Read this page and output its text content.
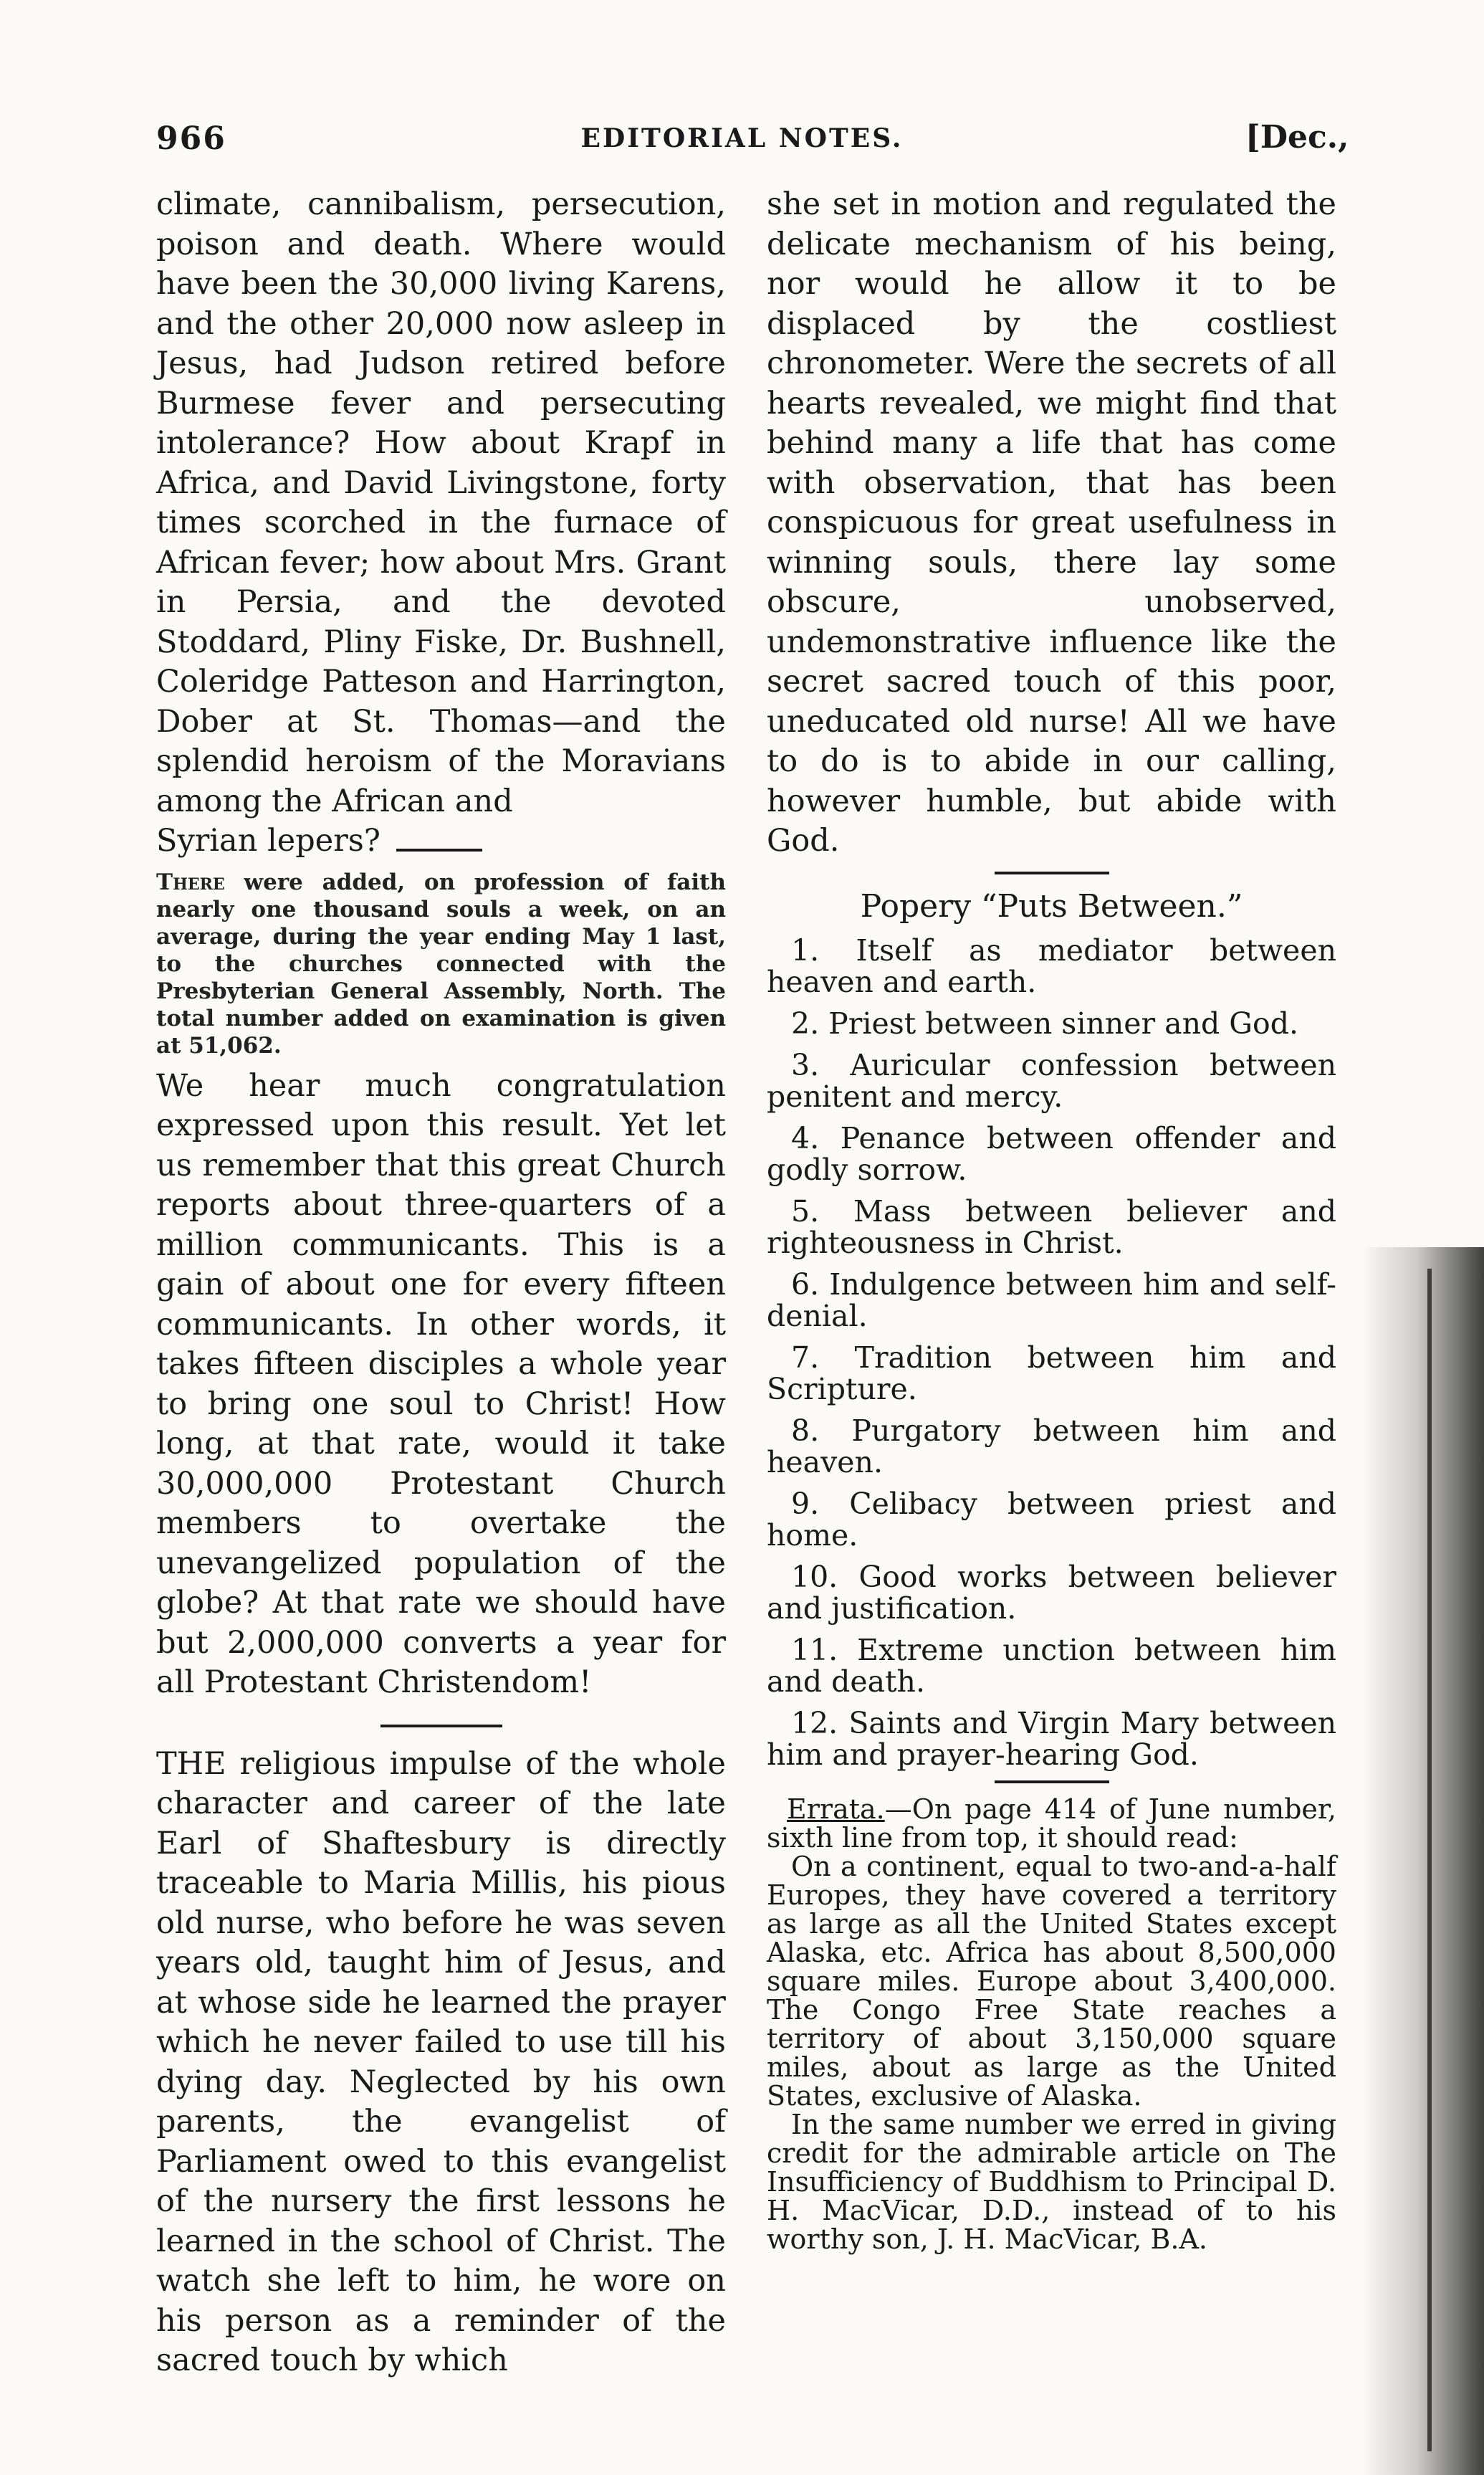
966	EDITORIAL NOTES.	[Dec.,

climate, cannibalism, persecution, poison and death. Where would have been the 30,000 living Karens, and the other 20,000 now asleep in Jesus, had Judson retired before Burmese fever and persecuting intolerance? How about Krapf in Africa, and David Livingstone, forty times scorched in the furnace of African fever; how about Mrs. Grant in Persia, and the devoted Stoddard, Pliny Fiske, Dr. Bushnell, Coleridge Patteson and Harrington, Dober at St. Thomas—and the splendid heroism of the Moravians among the African and

Syrian lepers?

There were added, on profession of faith nearly one thousand souls a week, on an average, during the year ending May 1 last, to the churches connected with the Presbyterian General Assembly, North. The total number added on examination is given at 51,062.

We hear much congratulation expressed upon this result. Yet let us remember that this great Church reports about three-quarters of a million communicants. This is a gain of about one for every fifteen communicants. In other words, it takes fifteen disciples a whole year to bring one soul to Christ! How long, at that rate, would it take 30,000,000 Protestant Church members to overtake the unevangelized population of the globe? At that rate we should have but 2,000,000 converts a year for all Protestant Christendom!

THE religious impulse of the whole character and career of the late Earl of Shaftesbury is directly traceable to Maria Millis, his pious old nurse, who before he was seven years old, taught him of Jesus, and at whose side he learned the prayer which he never failed to use till his dying day. Neglected by his own parents, the evangelist of Parliament owed to this evangelist of the nursery the first lessons he learned in the school of Christ. The watch she left to him, he wore on his person as a reminder of the sacred touch by which

she set in motion and regulated the delicate mechanism of his being, nor would he allow it to be displaced by the costliest chronometer. Were the secrets of all hearts revealed, we might find that behind many a life that has come with observation, that has been conspicuous for great usefulness in winning souls, there lay some obscure, unobserved, undemonstrative influence like the secret sacred touch of this poor, uneducated old nurse! All we have to do is to abide in our calling, however humble, but abide with God.

Popery “Puts Between.”
1. Itself as mediator between heaven and earth.
2. Priest between sinner and God.
3. Auricular confession between penitent and mercy.
4. Penance between offender and godly sorrow.
5. Mass between believer and righteousness in Christ.
6. Indulgence between him and self-denial.
7. Tradition between him and Scripture.
8. Purgatory between him and heaven.
9. Celibacy between priest and home.
10. Good works between believer and justification.
11. Extreme unction between him and death.
12. Saints and Virgin Mary between him and prayer-hearing God.

Errata.—On page 414 of June number, sixth line from top, it should read:

On a continent, equal to two-and-a-half Europes, they have covered a territory as large as all the United States except Alaska, etc. Africa has about 8,500,000 square miles. Europe about 3,400,000. The Congo Free State reaches a territory of about 3,150,000 square miles, about as large as the United States, exclusive of Alaska.

In the same number we erred in giving credit for the admirable article on The Insufficiency of Buddhism to Principal D. H. MacVicar, D.D., instead of to his worthy son, J. H. MacVicar, B.A.
